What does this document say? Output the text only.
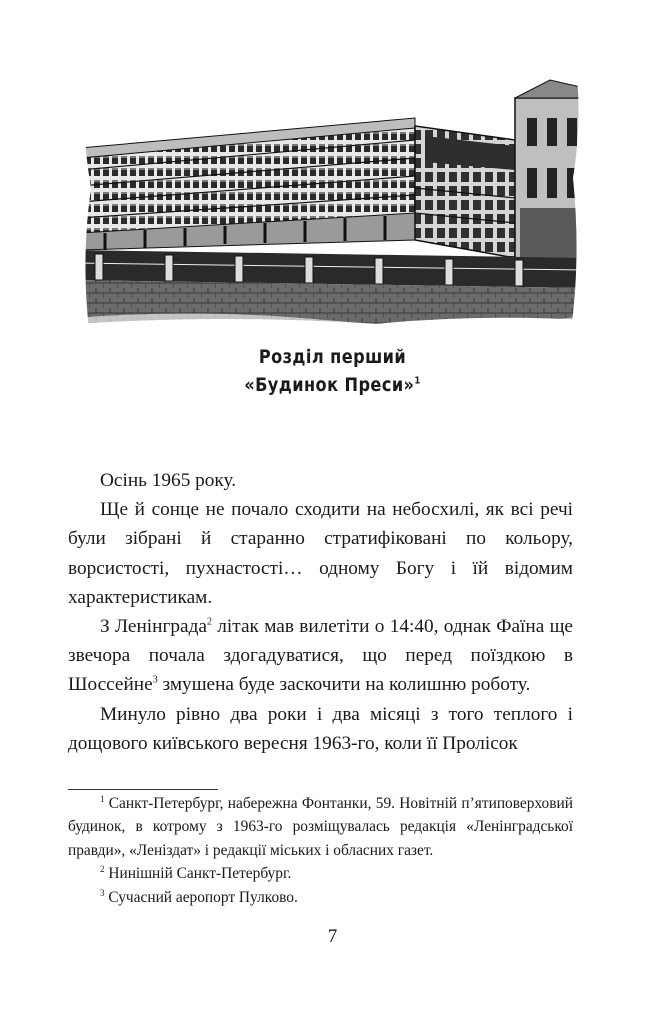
Розділ перший
«Будинок Преси»$^1$

Осінь 1965 року.

Ще й сонце не почало сходити на небосхилі, як всі речі були зібрані й старанно стратифіковані по кольору, ворсистості, пухнастості… одному Богу і їй відомим характеристикам.

З Ленінграда$^2$ літак мав вилетіти о 14:40, однак Фаїна ще звечора почала здогадуватися, що перед поїздкою в Шоссейне$^3$ змушена буде заскочити на колишню роботу.

Минуло рівно два роки і два місяці з того теплого і дощового київського вересня 1963-го, коли її Пролісок

$^1$ Санкт-Петербург, набережна Фонтанки, 59. Новітній п’ятиповерховий будинок, в котрому з 1963-го розміщувалась редакція «Ленінградської правди», «Леніздат» і редакції міських і обласних газет.

$^2$ Нинішній Санкт-Петербург.

$^3$ Сучасний аеропорт Пулково.

7
